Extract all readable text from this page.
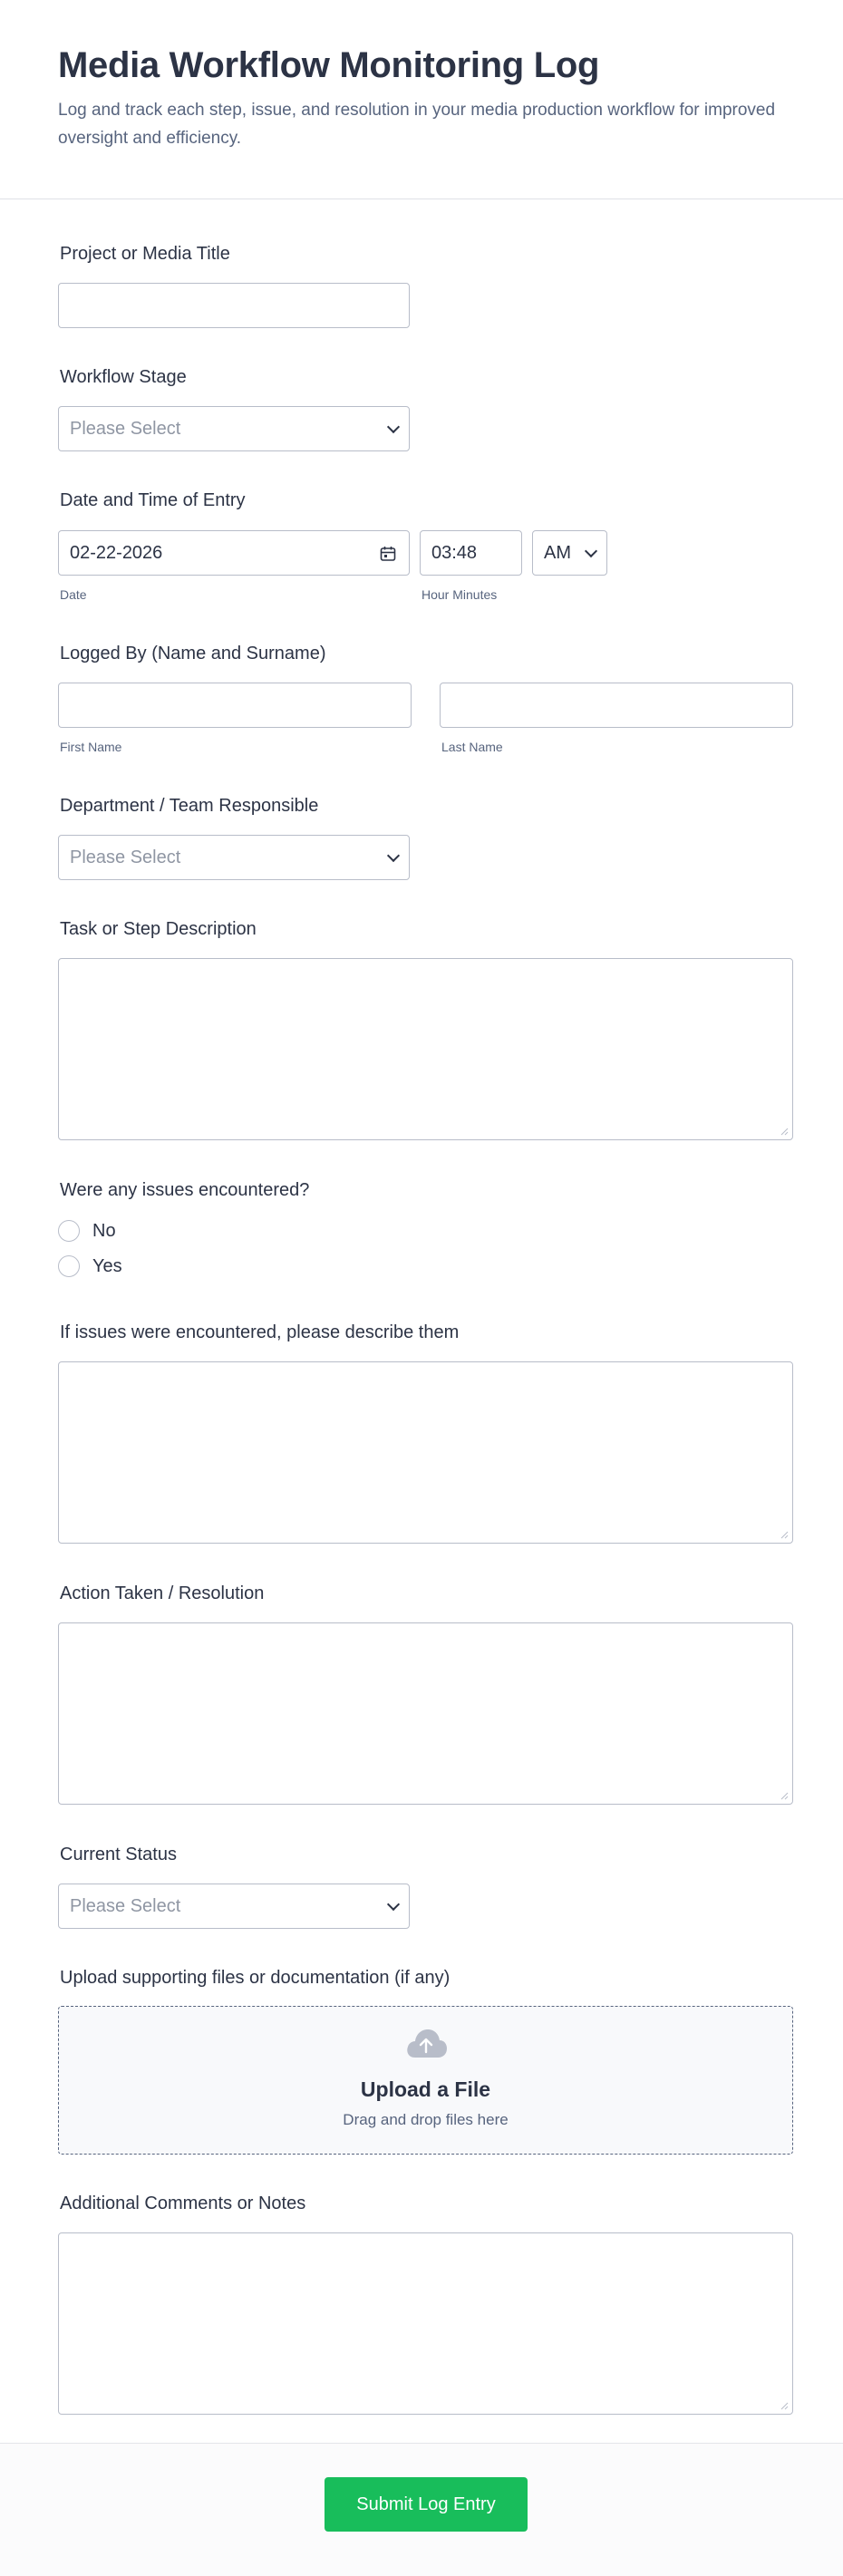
Media Workflow Monitoring Log
Log and track each step, issue, and resolution in your media production workflow for improved oversight and efficiency.
Project or Media Title
Workflow Stage
Please Select
Date and Time of Entry
02-22-2026
Date
03:48
Hour Minutes
AM
Logged By (Name and Surname)
First Name	Last Name
Department / Team Responsible
Please Select
Task or Step Description
Were any issues encountered?
No
Yes
If issues were encountered, please describe them
Action Taken / Resolution
Current Status
Please Select
Upload supporting files or documentation (if any)
Upload a File
Drag and drop files here
Additional Comments or Notes
Submit Log Entry
